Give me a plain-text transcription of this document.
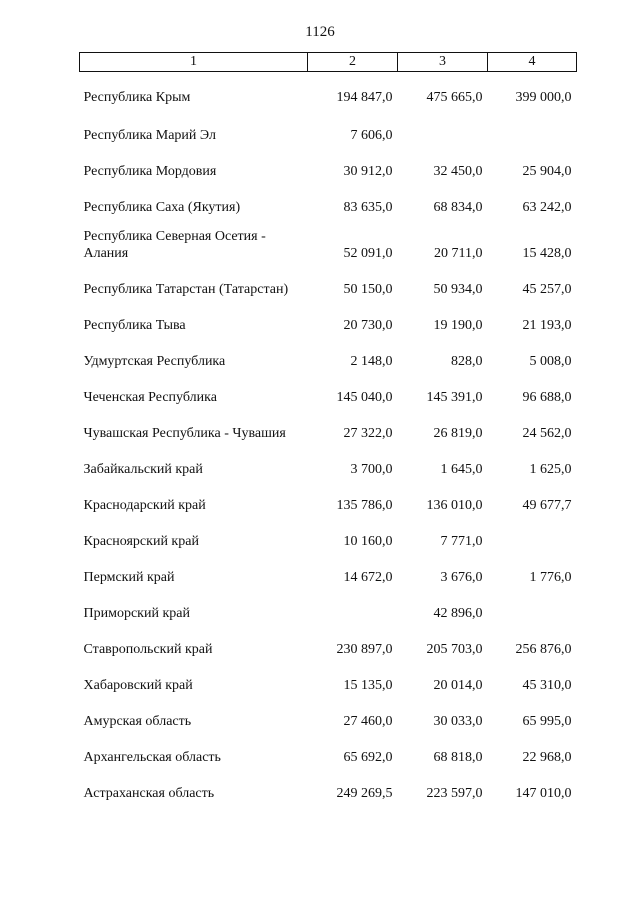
1126
1	2	3	4
Республика Крым	194 847,0	475 665,0	399 000,0
Республика Марий Эл	7 606,0		
Республика Мордовия	30 912,0	32 450,0	25 904,0
Республика Саха (Якутия)	83 635,0	68 834,0	63 242,0
Республика Северная Осетия - Алания	52 091,0	20 711,0	15 428,0
Республика Татарстан (Татарстан)	50 150,0	50 934,0	45 257,0
Республика Тыва	20 730,0	19 190,0	21 193,0
Удмуртская Республика	2 148,0	828,0	5 008,0
Чеченская Республика	145 040,0	145 391,0	96 688,0
Чувашская Республика - Чувашия	27 322,0	26 819,0	24 562,0
Забайкальский край	3 700,0	1 645,0	1 625,0
Краснодарский край	135 786,0	136 010,0	49 677,7
Красноярский край	10 160,0	7 771,0	
Пермский край	14 672,0	3 676,0	1 776,0
Приморский край		42 896,0	
Ставропольский край	230 897,0	205 703,0	256 876,0
Хабаровский край	15 135,0	20 014,0	45 310,0
Амурская область	27 460,0	30 033,0	65 995,0
Архангельская область	65 692,0	68 818,0	22 968,0
Астраханская область	249 269,5	223 597,0	147 010,0
